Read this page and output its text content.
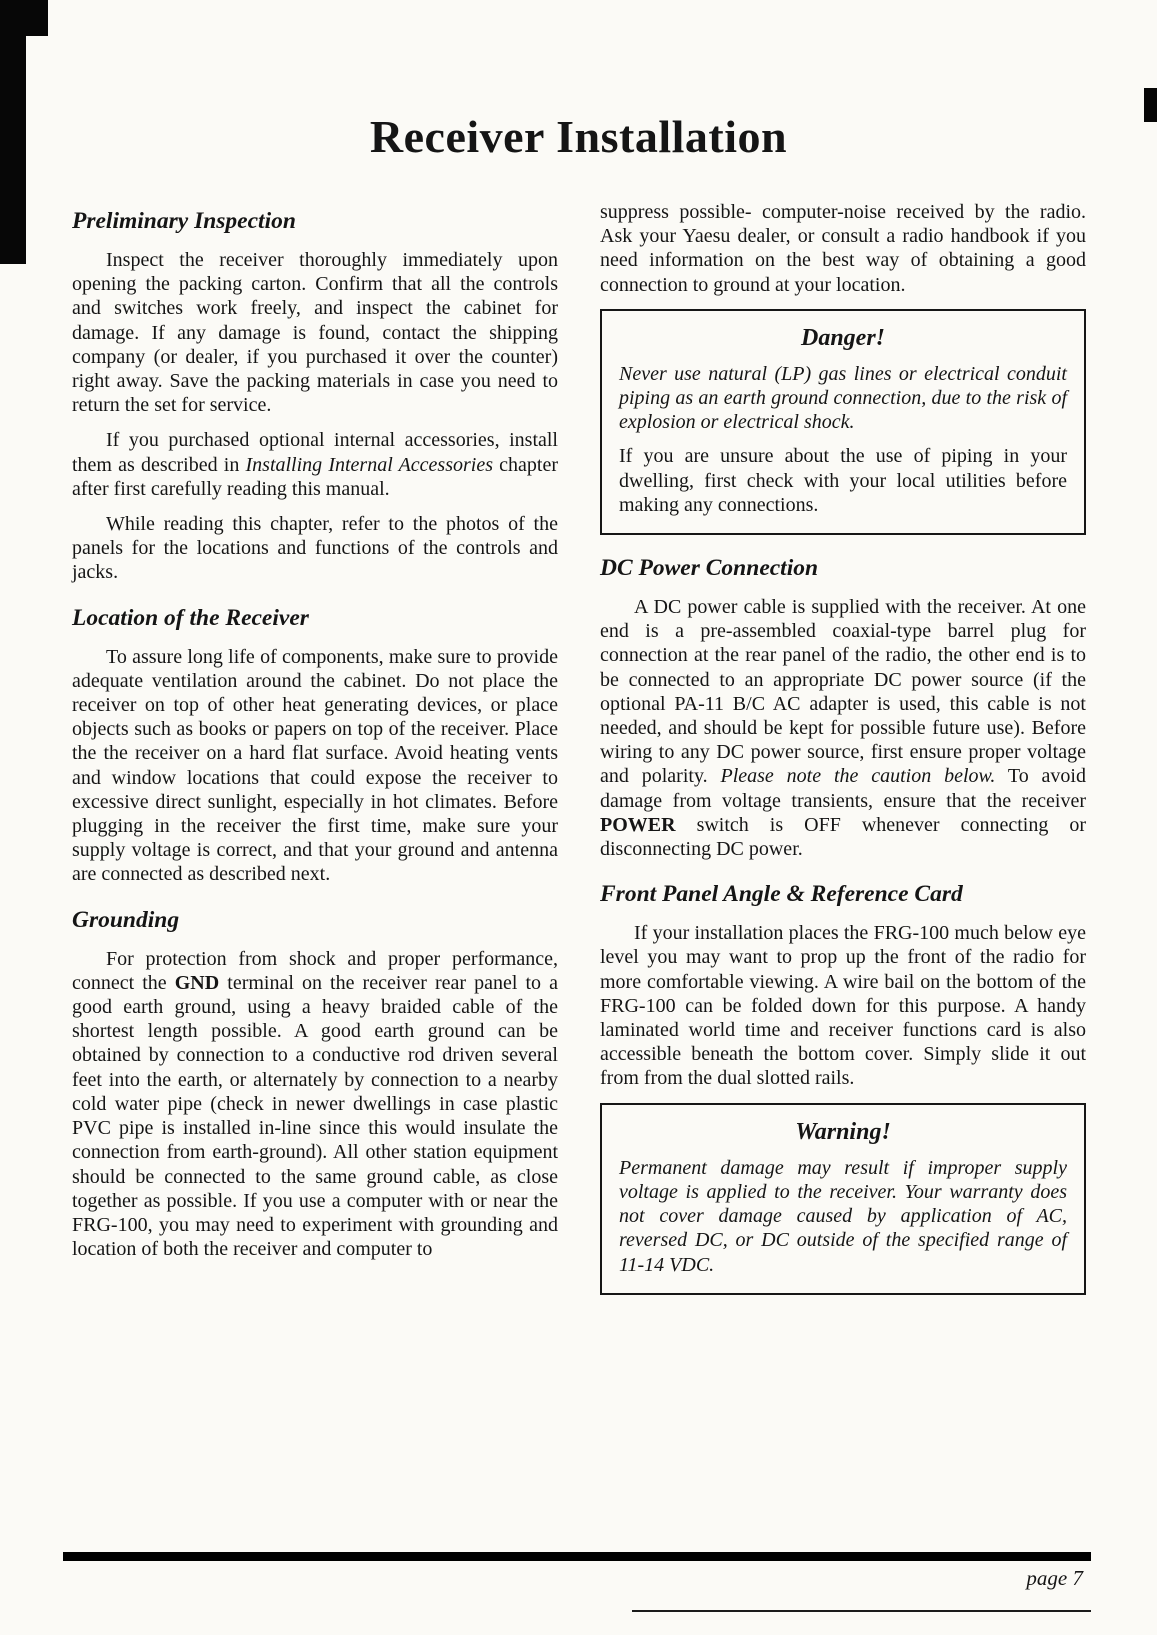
Receiver Installation
Preliminary Inspection

Inspect the receiver thoroughly immediately upon opening the packing carton. Confirm that all the controls and switches work freely, and inspect the cabinet for damage. If any damage is found, contact the shipping company (or dealer, if you purchased it over the counter) right away. Save the packing materials in case you need to return the set for service.

If you purchased optional internal accessories, install them as described in Installing Internal Accessories chapter after first carefully reading this manual.

While reading this chapter, refer to the photos of the panels for the locations and functions of the controls and jacks.

Location of the Receiver

To assure long life of components, make sure to provide adequate ventilation around the cabinet. Do not place the receiver on top of other heat generating devices, or place objects such as books or papers on top of the receiver. Place the the receiver on a hard flat surface. Avoid heating vents and window locations that could expose the receiver to excessive direct sunlight, especially in hot climates. Before plugging in the receiver the first time, make sure your supply voltage is correct, and that your ground and antenna are connected as described next.

Grounding

For protection from shock and proper performance, connect the GND terminal on the receiver rear panel to a good earth ground, using a heavy braided cable of the shortest length possible. A good earth ground can be obtained by connection to a conductive rod driven several feet into the earth, or alternately by connection to a nearby cold water pipe (check in newer dwellings in case plastic PVC pipe is installed in-line since this would insulate the connection from earth-ground). All other station equipment should be connected to the same ground cable, as close together as possible. If you use a computer with or near the FRG-100, you may need to experiment with grounding and location of both the receiver and computer to

suppress possible- computer-noise received by the radio. Ask your Yaesu dealer, or consult a radio handbook if you need information on the best way of obtaining a good connection to ground at your location.

Danger!

Never use natural (LP) gas lines or electrical conduit piping as an earth ground connection, due to the risk of explosion or electrical shock.

If you are unsure about the use of piping in your dwelling, first check with your local utilities before making any connections.

DC Power Connection

A DC power cable is supplied with the receiver. At one end is a pre-assembled coaxial-type barrel plug for connection at the rear panel of the radio, the other end is to be connected to an appropriate DC power source (if the optional PA-11 B/C AC adapter is used, this cable is not needed, and should be kept for possible future use). Before wiring to any DC power source, first ensure proper voltage and polarity. Please note the caution below. To avoid damage from voltage transients, ensure that the receiver POWER switch is OFF whenever connecting or disconnecting DC power.

Front Panel Angle & Reference Card

If your installation places the FRG-100 much below eye level you may want to prop up the front of the radio for more comfortable viewing. A wire bail on the bottom of the FRG-100 can be folded down for this purpose. A handy laminated world time and receiver functions card is also accessible beneath the bottom cover. Simply slide it out from from the dual slotted rails.

Warning!

Permanent damage may result if improper supply voltage is applied to the receiver. Your warranty does not cover damage caused by application of AC, reversed DC, or DC outside of the specified range of 11-14 VDC.

page 7
